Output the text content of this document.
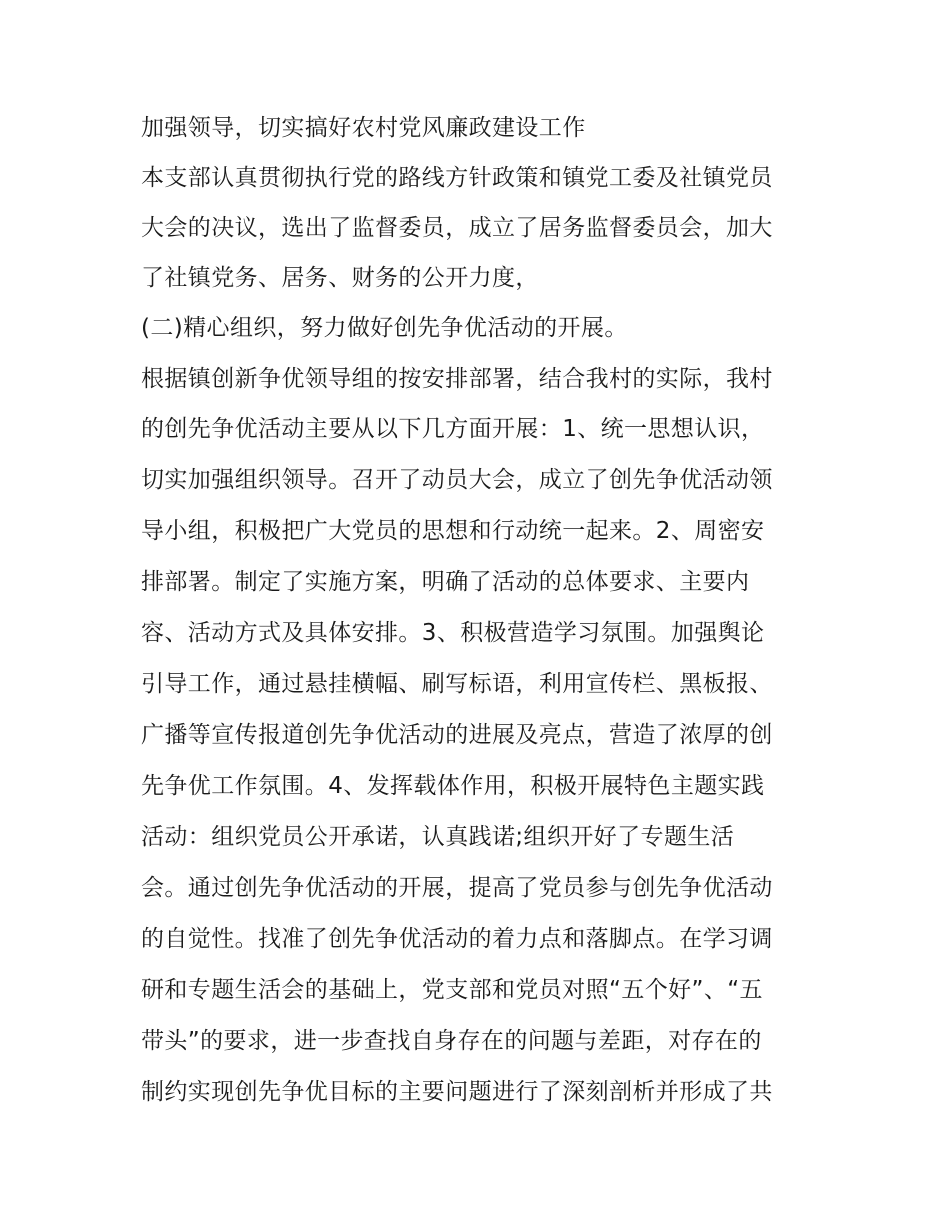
加强领导，切实搞好农村党风廉政建设工作
本支部认真贯彻执行党的路线方针政策和镇党工委及社镇党员
大会的决议，选出了监督委员，成立了居务监督委员会，加大
了社镇党务、居务、财务的公开力度，
(二)精心组织，努力做好创先争优活动的开展。
根据镇创新争优领导组的按安排部署，结合我村的实际，我村
的创先争优活动主要从以下几方面开展：1、统一思想认识，
切实加强组织领导。召开了动员大会，成立了创先争优活动领
导小组，积极把广大党员的思想和行动统一起来。2、周密安
排部署。制定了实施方案，明确了活动的总体要求、主要内
容、活动方式及具体安排。3、积极营造学习氛围。加强舆论
引导工作，通过悬挂横幅、刷写标语，利用宣传栏、黑板报、
广播等宣传报道创先争优活动的进展及亮点，营造了浓厚的创
先争优工作氛围。4、发挥载体作用，积极开展特色主题实践
活动：组织党员公开承诺，认真践诺;组织开好了专题生活
会。通过创先争优活动的开展，提高了党员参与创先争优活动
的自觉性。找准了创先争优活动的着力点和落脚点。在学习调
研和专题生活会的基础上，党支部和党员对照“五个好”、“五
带头”的要求，进一步查找自身存在的问题与差距，对存在的
制约实现创先争优目标的主要问题进行了深刻剖析并形成了共
